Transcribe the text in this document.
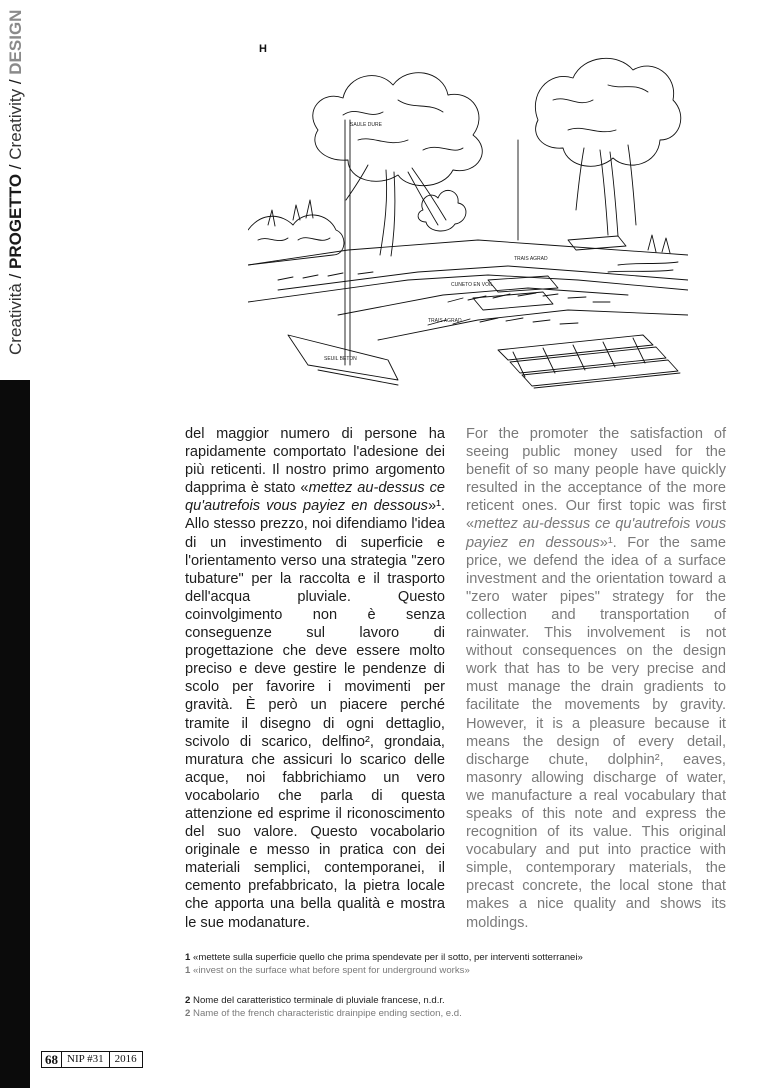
Creatività / PROGETTO / Creativity / DESIGN	H
SAULE DURE
TRAIS AGRAD
CUNETO EN VOIL
TRAIS AGRAD
SEUIL BETON

del maggior numero di persone ha rapidamente comportato l'adesione dei più reticenti. Il nostro primo argomento dapprima è stato «mettez au-dessus ce qu'autrefois vous payiez en dessous»¹. Allo stesso prezzo, noi difendiamo l'idea di un investimento di superficie e l'orientamento verso una strategia "zero tubature" per la raccolta e il trasporto dell'acqua pluviale. Questo coinvolgimento non è senza conseguenze sul lavoro di progettazione che deve essere molto preciso e deve gestire le pendenze di scolo per favorire i movimenti per gravità. È però un piacere perché tramite il disegno di ogni dettaglio, scivolo di scarico, delfino², grondaia, muratura che assicuri lo scarico delle acque, noi fabbrichiamo un vero vocabolario che parla di questa attenzione ed esprime il riconoscimento del suo valore. Questo vocabolario originale e messo in pratica con dei materiali semplici, contemporanei, il cemento prefabbricato, la pietra locale che apporta una bella qualità e mostra le sue modanature.

For the promoter the satisfaction of seeing public money used for the benefit of so many people have quickly resulted in the acceptance of the more reticent ones. Our first topic was first «mettez au-dessus ce qu'autrefois vous payiez en dessous»¹. For the same price, we defend the idea of a surface investment and the orientation toward a "zero water pipes" strategy for the collection and transportation of rainwater. This involvement is not without consequences on the design work that has to be very precise and must manage the drain gradients to facilitate the movements by gravity. However, it is a pleasure because it means the design of every detail, discharge chute, dolphin², eaves, masonry allowing discharge of water, we manufacture a real vocabulary that speaks of this note and express the recognition of its value. This original vocabulary and put into practice with simple, contemporary materials, the precast concrete, the local stone that makes a nice quality and shows its moldings.

1 «mettete sulla superficie quello che prima spendevate per il sotto, per interventi sotterranei»

1 «invest on the surface what before spent for underground works»

2 Nome del caratteristico terminale di pluviale francese, n.d.r.

2 Name of the french characteristic drainpipe ending section, e.d.

68 NIP #31	2016
